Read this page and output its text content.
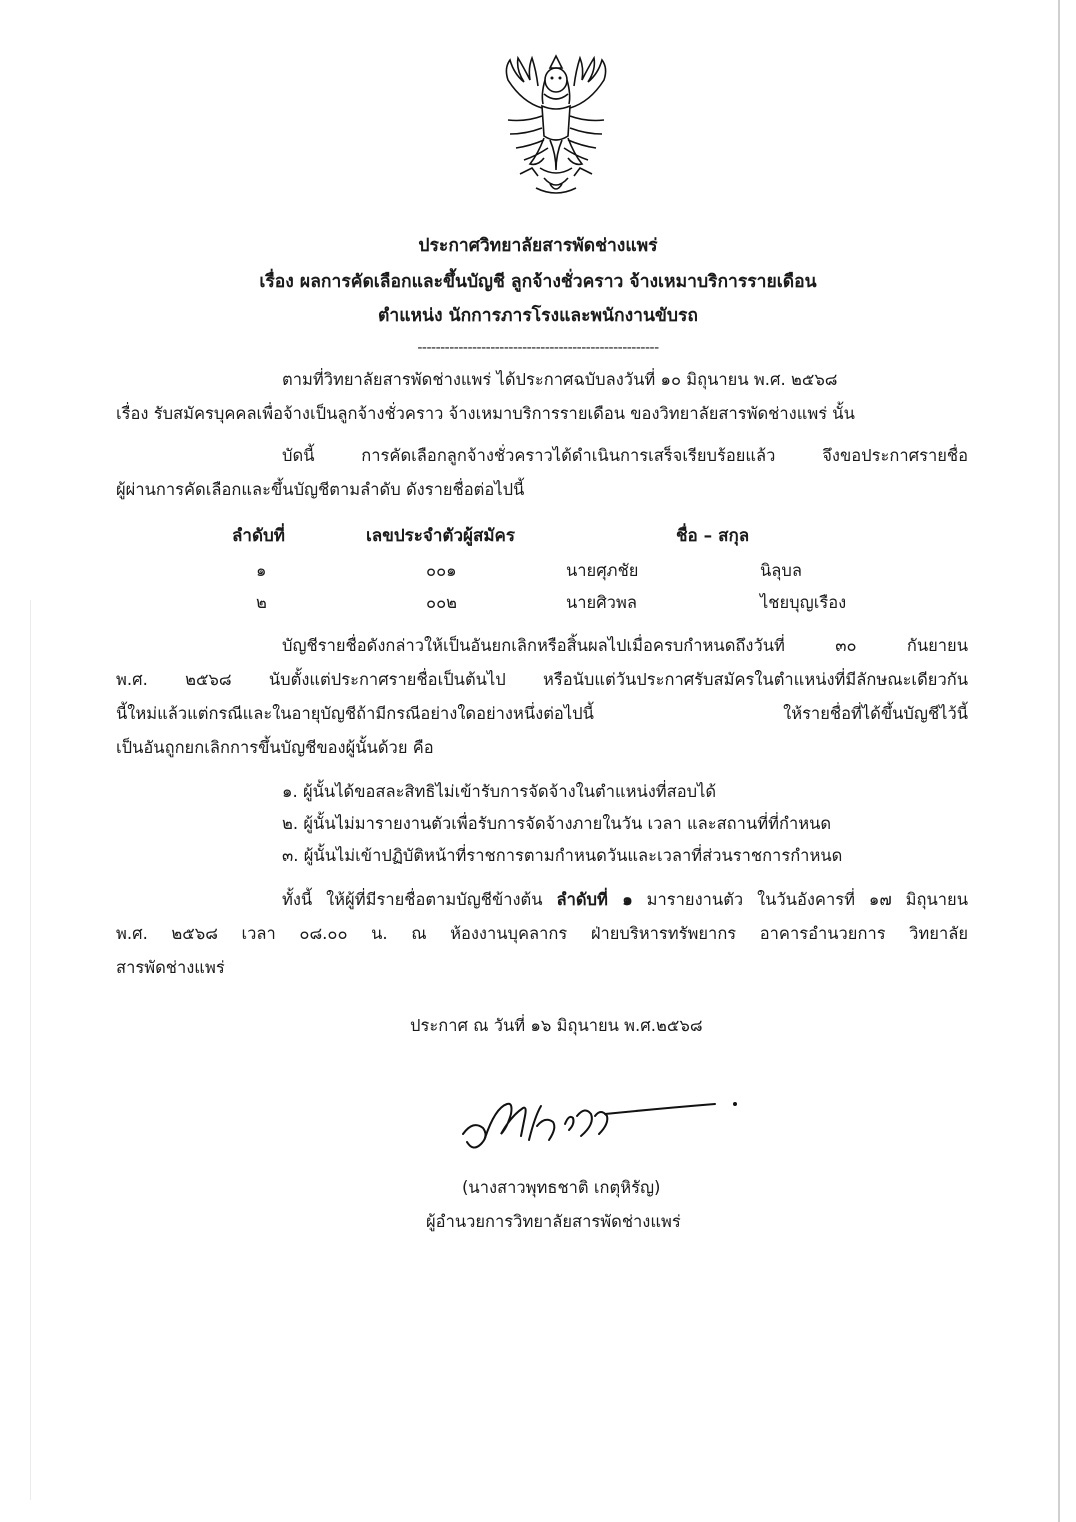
ประกาศวิทยาลัยสารพัดช่างแพร่
เรื่อง ผลการคัดเลือกและขึ้นบัญชี ลูกจ้างชั่วคราว จ้างเหมาบริการรายเดือน
ตำแหน่ง นักการภารโรงและพนักงานขับรถ
-----------------------------------------------------
ตามที่วิทยาลัยสารพัดช่างแพร่ ได้ประกาศฉบับลงวันที่ ๑๐ มิถุนายน พ.ศ. ๒๕๖๘
เรื่อง รับสมัครบุคคลเพื่อจ้างเป็นลูกจ้างชั่วคราว จ้างเหมาบริการรายเดือน ของวิทยาลัยสารพัดช่างแพร่ นั้น
บัดนี้ การคัดเลือกลูกจ้างชั่วคราวได้ดำเนินการเสร็จเรียบร้อยแล้ว จึงขอประกาศรายชื่อ
ผู้ผ่านการคัดเลือกและขึ้นบัญชีตามลำดับ ดังรายชื่อต่อไปนี้
ลำดับที่	เลขประจำตัวผู้สมัคร	ชื่อ – สกุล
๑	๐๐๑	นายศุภชัย	นิลุบล
๒	๐๐๒	นายศิวพล	ไชยบุญเรือง
บัญชีรายชื่อดังกล่าวให้เป็นอันยกเลิกหรือสิ้นผลไปเมื่อครบกำหนดถึงวันที่ ๓๐ กันยายน
พ.ศ. ๒๕๖๘ นับตั้งแต่ประกาศรายชื่อเป็นต้นไป หรือนับแต่วันประกาศรับสมัครในตำแหน่งที่มีลักษณะเดียวกัน
นี้ใหม่แล้วแต่กรณีและในอายุบัญชีถ้ามีกรณีอย่างใดอย่างหนึ่งต่อไปนี้ ให้รายชื่อที่ได้ขึ้นบัญชีไว้นี้
เป็นอันถูกยกเลิกการขึ้นบัญชีของผู้นั้นด้วย คือ
๑. ผู้นั้นได้ขอสละสิทธิไม่เข้ารับการจัดจ้างในตำแหน่งที่สอบได้
๒. ผู้นั้นไม่มารายงานตัวเพื่อรับการจัดจ้างภายในวัน เวลา และสถานที่ที่กำหนด
๓. ผู้นั้นไม่เข้าปฏิบัติหน้าที่ราชการตามกำหนดวันและเวลาที่ส่วนราชการกำหนด
ทั้งนี้ ให้ผู้ที่มีรายชื่อตามบัญชีข้างต้น ลำดับที่ ๑ มารายงานตัว ในวันอังคารที่ ๑๗ มิถุนายน
พ.ศ. ๒๕๖๘ เวลา ๐๘.๐๐ น. ณ ห้องงานบุคลากร ฝ่ายบริหารทรัพยากร อาคารอำนวยการ วิทยาลัย
สารพัดช่างแพร่
ประกาศ ณ วันที่ ๑๖ มิถุนายน พ.ศ.๒๕๖๘
(นางสาวพุทธชาติ เกตุหิรัญ)
ผู้อำนวยการวิทยาลัยสารพัดช่างแพร่
